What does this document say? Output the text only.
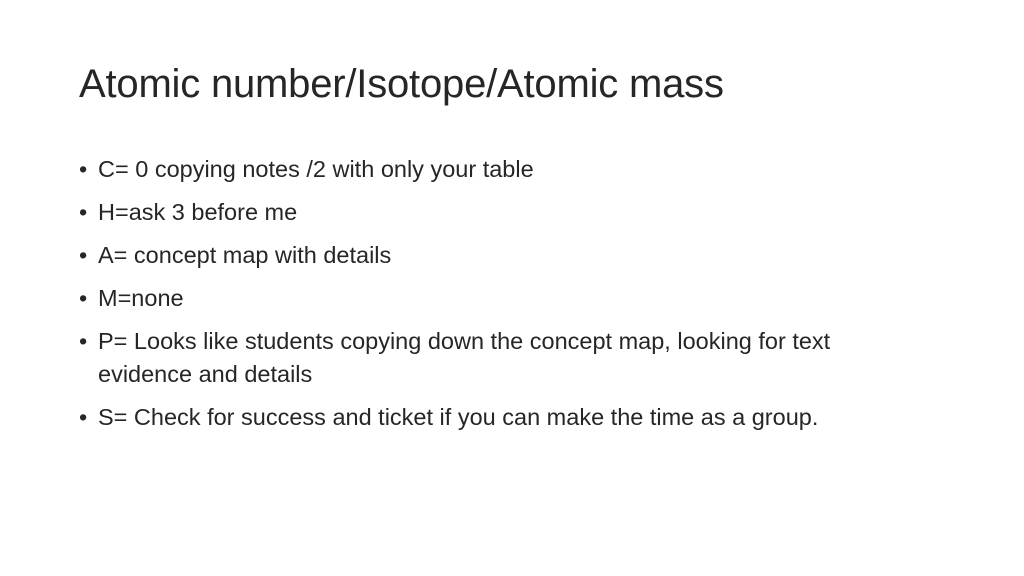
Atomic number/Isotope/Atomic mass
• C= 0 copying notes /2 with only your table
• H=ask 3 before me
• A= concept map with details
• M=none
• P= Looks like students copying down the concept map, looking for text evidence and details
• S= Check for success and ticket if you can make the time as a group.
